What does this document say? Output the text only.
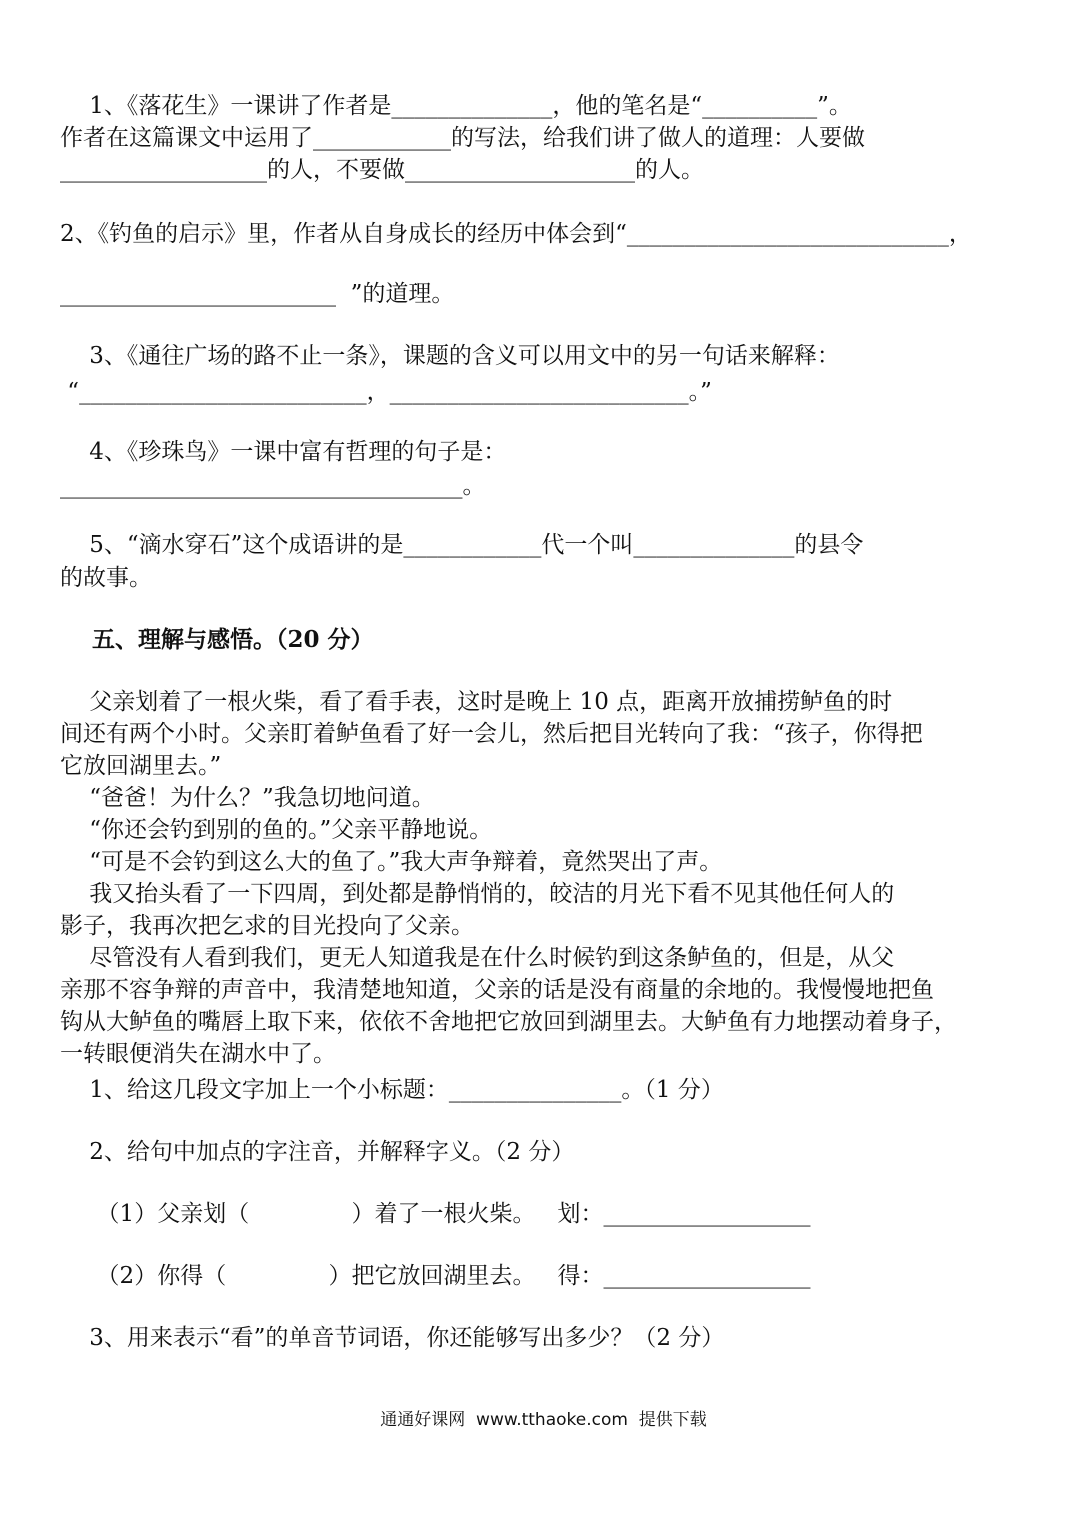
1、《落花生》一课讲了作者是______________，他的笔名是“__________”。
作者在这篇课文中运用了____________的写法，给我们讲了做人的道理：人要做
__________________的人，不要做____________________的人。
2、《钓鱼的启示》里，作者从自身成长的经历中体会到“____________________________，
________________________  ”的道理。
3、《通往广场的路不止一条》，课题的含义可以用文中的另一句话来解释：
“_________________________，__________________________。”
4、《珍珠鸟》一课中富有哲理的句子是：
___________________________________。
5、“滴水穿石”这个成语讲的是____________代一个叫______________的县令
的故事。
五、理解与感悟。（20 分）
父亲划着了一根火柴，看了看手表，这时是晚上 10 点，距离开放捕捞鲈鱼的时
间还有两个小时。父亲盯着鲈鱼看了好一会儿，然后把目光转向了我：“孩子，你得把
它放回湖里去。”
“爸爸！为什么？”我急切地问道。
“你还会钓到别的鱼的。”父亲平静地说。
“可是不会钓到这么大的鱼了。”我大声争辩着，竟然哭出了声。
我又抬头看了一下四周，到处都是静悄悄的，皎洁的月光下看不见其他任何人的
影子，我再次把乞求的目光投向了父亲。
尽管没有人看到我们，更无人知道我是在什么时候钓到这条鲈鱼的，但是，从父
亲那不容争辩的声音中，我清楚地知道，父亲的话是没有商量的余地的。我慢慢地把鱼
钩从大鲈鱼的嘴唇上取下来，依依不舍地把它放回到湖里去。大鲈鱼有力地摆动着身子，
一转眼便消失在湖水中了。
1、给这几段文字加上一个小标题：_______________。（1 分）
2、给句中加点的字注音，并解释字义。（2 分）
（1）父亲划（              ）着了一根火柴。   划：__________________
（2）你得（              ）把它放回湖里去。   得：__________________
3、用来表示“看”的单音节词语，你还能够写出多少？（2 分）
通通好课网  www.tthaoke.com  提供下载
